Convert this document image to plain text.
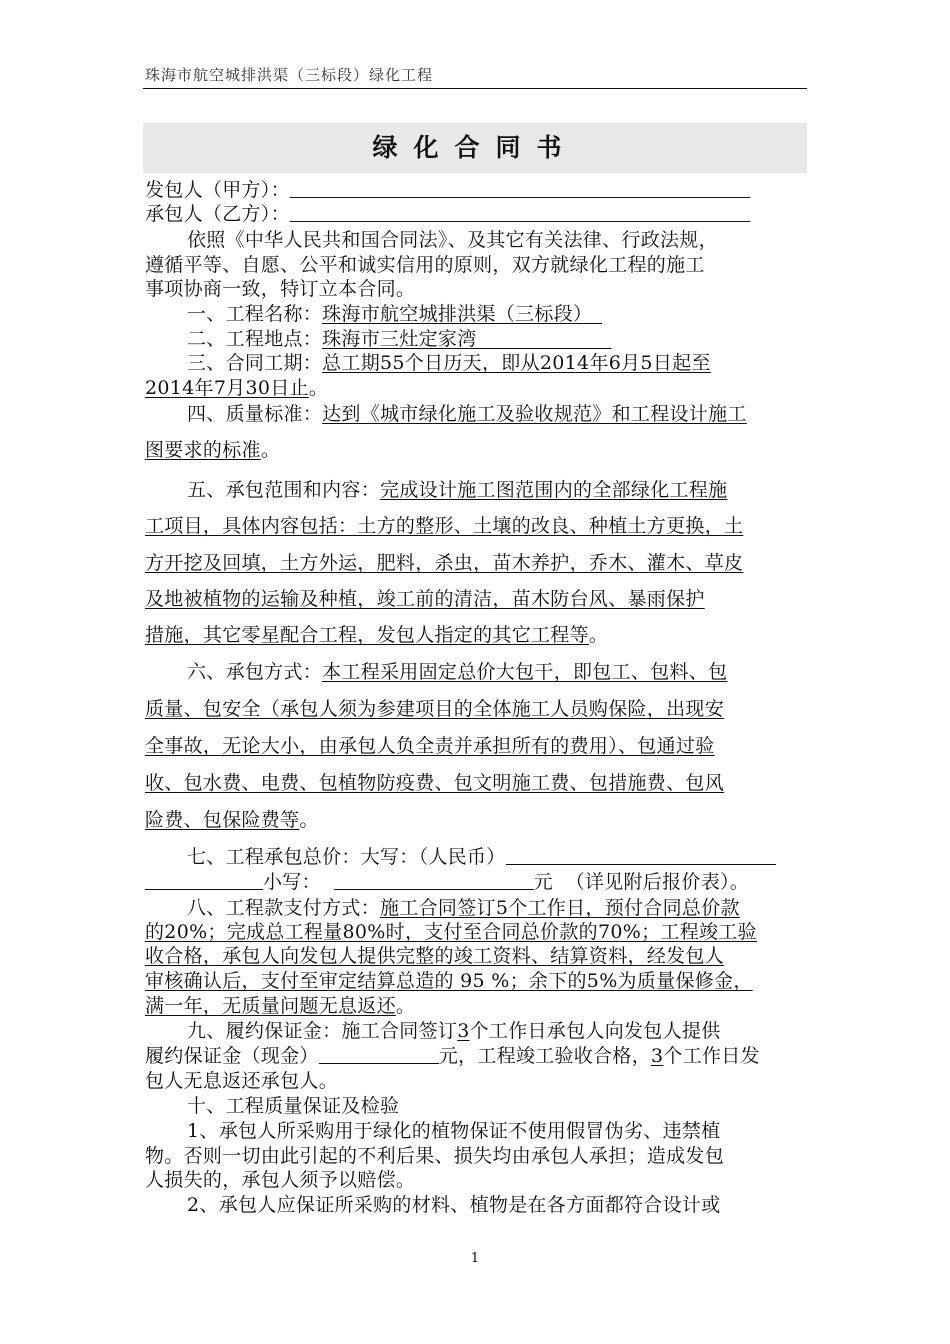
珠海市航空城排洪渠（三标段）绿化工程
绿化合同书
发包人（甲方）：
承包人（乙方）：
依照《中华人民共和国合同法》、及其它有关法律、行政法规，
遵循平等、自愿、公平和诚实信用的原则，双方就绿化工程的施工
事项协商一致，特订立本合同。
一、工程名称：珠海市航空城排洪渠（三标段）　
二、工程地点：珠海市三灶定家湾　　　　　　　
三、合同工期：总工期55个日历天，即从2014年6月5日起至
2014年7月30日止。
四、质量标准：达到《城市绿化施工及验收规范》和工程设计施工
图要求的标准。
五、承包范围和内容：完成设计施工图范围内的全部绿化工程施
工项目，具体内容包括：土方的整形、土壤的改良、种植土方更换，土
方开挖及回填，土方外运，肥料，杀虫，苗木养护，乔木、灌木、草皮
及地被植物的运输及种植，竣工前的清洁，苗木防台风、暴雨保护
措施，其它零星配合工程，发包人指定的其它工程等。
六、承包方式：本工程采用固定总价大包干，即包工、包料、包
质量、包安全（承包人须为参建项目的全体施工人员购保险，出现安
全事故，无论大小，由承包人负全责并承担所有的费用）、包通过验
收、包水费、电费、包植物防疫费、包文明施工费、包措施费、包风
险费、包保险费等。
七、工程承包总价：大写：（人民币）
小写：	元 （详见附后报价表）。
八、工程款支付方式：施工合同签订5个工作日，预付合同总价款
的20%；完成总工程量80%时，支付至合同总价款的70%；工程竣工验
收合格，承包人向发包人提供完整的竣工资料、结算资料，经发包人
审核确认后，支付至审定结算总造的 95 %；余下的5%为质量保修金，
满一年，无质量问题无息返还。
九、履约保证金：施工合同签订3个工作日承包人向发包人提供
履约保证金（现金）	元，工程竣工验收合格，3个工作日发
包人无息返还承包人。
十、工程质量保证及检验
1、承包人所采购用于绿化的植物保证不使用假冒伪劣、违禁植
物。否则一切由此引起的不利后果、损失均由承包人承担；造成发包
人损失的，承包人须予以赔偿。
2、承包人应保证所采购的材料、植物是在各方面都符合设计或
1
